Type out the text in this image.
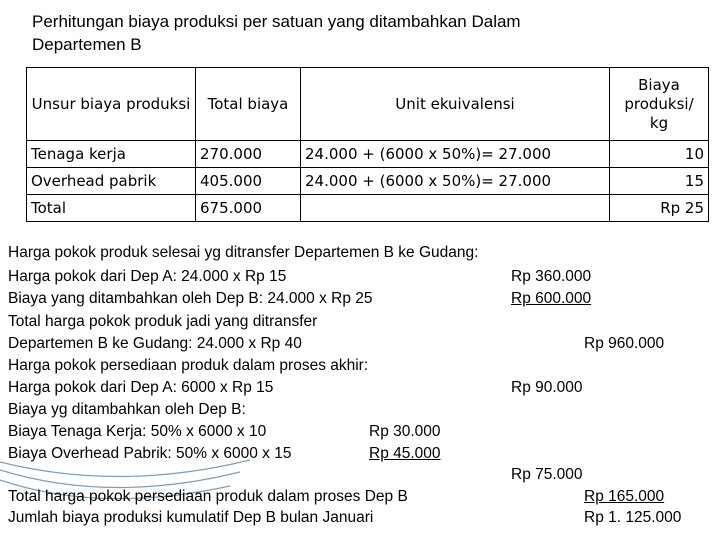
Perhitungan biaya produksi per satuan yang ditambahkan Dalam
Departemen B
Unsur biaya produksi	Total biaya	Unit ekuivalensi	Biaya produksi/ kg
Tenaga kerja	270.000	24.000 + (6000 x 50%)= 27.000	10
Overhead pabrik	405.000	24.000 + (6000 x 50%)= 27.000	15
Total	675.000		Rp 25
Harga pokok produk selesai yg ditransfer Departemen B ke Gudang:
Harga pokok dari Dep A: 24.000 x Rp 15	Rp 360.000
Biaya yang ditambahkan oleh Dep B: 24.000 x Rp 25	Rp 600.000
Total harga pokok produk jadi yang ditransfer
Departemen B ke Gudang: 24.000 x Rp 40	Rp 960.000
Harga pokok persediaan produk dalam proses akhir:
Harga pokok dari Dep A: 6000 x Rp 15	Rp 90.000
Biaya yg ditambahkan oleh Dep B:
Biaya Tenaga Kerja: 50% x 6000 x 10	Rp 30.000
Biaya Overhead Pabrik: 50% x 6000 x 15	Rp 45.000
Rp 75.000
Total harga pokok persediaan produk dalam proses Dep B	Rp 165.000
Jumlah biaya produksi kumulatif Dep B bulan Januari	Rp 1. 125.000
